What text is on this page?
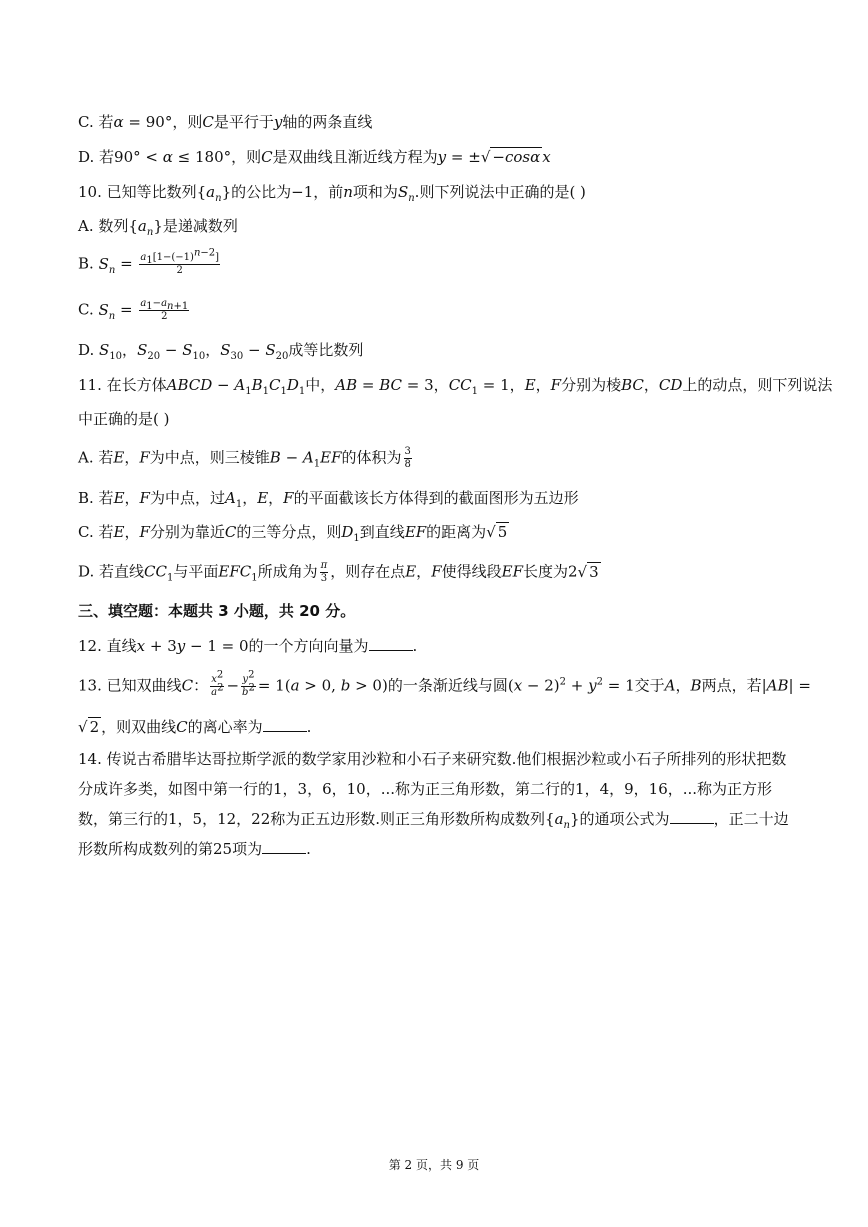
C. 若α = 90°，则C是平行于y轴的两条直线
D. 若90° < α ≤ 180°，则C是双曲线且渐近线方程为y = ±√ −cosα x
10. 已知等比数列$\{a_n\}$的公比为−1，前n项和为$S_n$.则下列说法中正确的是( )
A. 数列$\{a_n\}$是递减数列
B. $S_n = \frac{a_1[1-(-1)^{n-2}]}{2}$
C. $S_n = \frac{a_1-a_{n+1}}{2}$
D. $S_{10}$，$S_{20} - S_{10}$，$S_{30} - S_{20}$成等比数列
11. 在长方体ABCD − $A_1B_1C_1D_1$中，AB = BC = 3，$CC_1 = 1$，E，F分别为棱BC，CD上的动点，则下列说法
中正确的是( )
A. 若E，F为中点，则三棱锥$B - A_1EF$的体积为 $\frac{3}{8}$
B. 若E，F为中点，过$A_1$，E，F的平面截该长方体得到的截面图形为五边形
C. 若E，F分别为靠近C的三等分点，则$D_1$到直线EF的距离为√ 5
D. 若直线$CC_1$与平面$EFC_1$所成角为 $\frac{\pi}{3}$ ，则存在点E，F使得线段EF长度为2√ 3
三、填空题：本题共 3 小题，共 20 分。
12. 直线x + 3y − 1 = 0的一个方向向量为	.
13. 已知双曲线C： $\frac{x^2}{a^2} - \frac{y^2}{b^2} = 1(a > 0$, b > 0)的一条渐近线与圆$(x - 2)^2 + y^2 = 1$交于A，B两点，若|AB| =
√ 2 ，则双曲线C的离心率为	.
14. 传说古希腊毕达哥拉斯学派的数学家用沙粒和小石子来研究数.他们根据沙粒或小石子所排列的形状把数分成许多类，如图中第一行的1，3，6，10，...称为正三角形数，第二行的1，4，9，16，...称为正方形数，第三行的1，5，12，22称为正五边形数.则正三角形数所构成数列$\{a_n\}$的通项公式为	，正二十边形数所构成数列的第25项为	.
第 2 页，共 9 页
